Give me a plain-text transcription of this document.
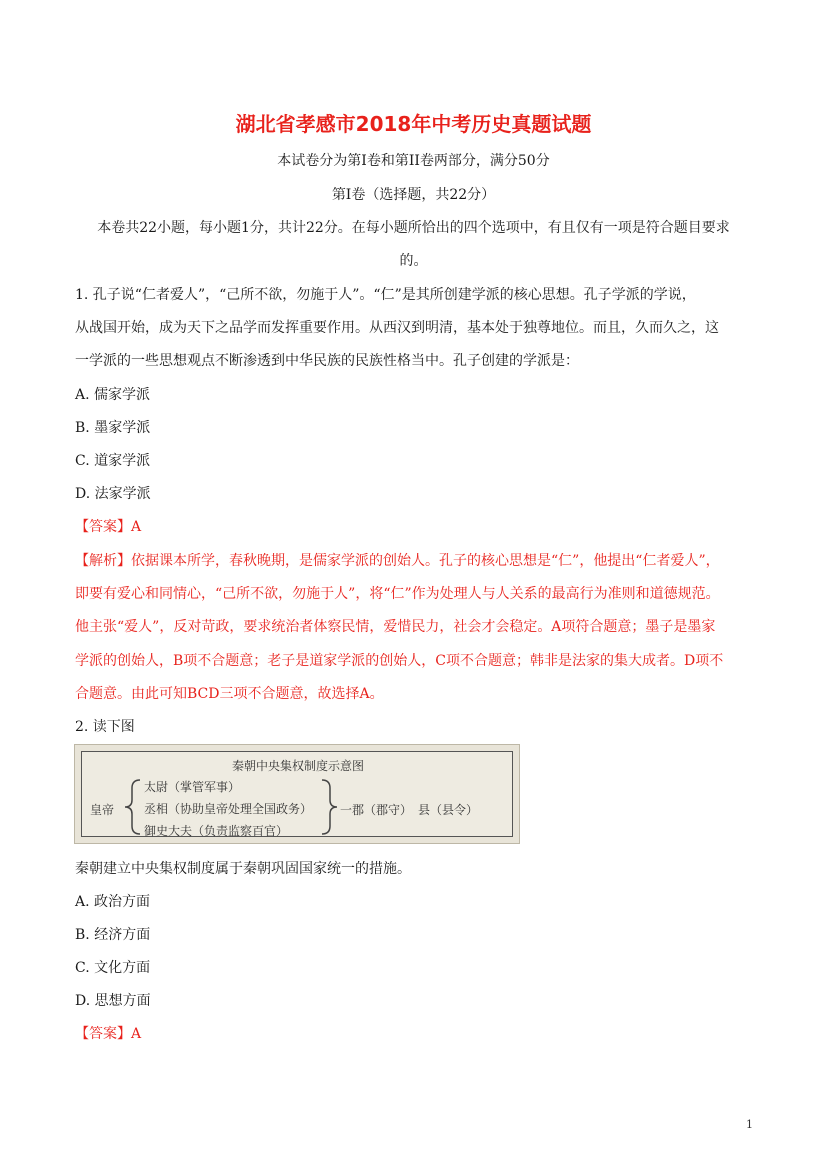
湖北省孝感市2018年中考历史真题试题
本试卷分为第I卷和第II卷两部分，满分50分
第I卷（选择题，共22分）
本卷共22小题，每小题1分，共计22分。在每小题所恰出的四个选项中，有且仅有一项是符合题目要求
的。
1. 孔子说“仁者爱人”，“己所不欲，勿施于人”。“仁”是其所创建学派的核心思想。孔子学派的学说，
从战国开始，成为天下之品学而发挥重要作用。从西汉到明清，基本处于独尊地位。而且，久而久之，这
一学派的一些思想观点不断渗透到中华民族的民族性格当中。孔子创建的学派是：
A. 儒家学派
B. 墨家学派
C. 道家学派
D. 法家学派
【答案】A
【解析】依据课本所学，春秋晚期，是儒家学派的创始人。孔子的核心思想是“仁”，他提出“仁者爱人”，
即要有爱心和同情心，“己所不欲，勿施于人”，将“仁”作为处理人与人关系的最高行为准则和道德规范。
他主张“爱人”，反对苛政，要求统治者体察民情，爱惜民力，社会才会稳定。A项符合题意；墨子是墨家
学派的创始人，B项不合题意；老子是道家学派的创始人，C项不合题意；韩非是法家的集大成者。D项不
合题意。由此可知BCD三项不合题意，故选择A。
2. 读下图
秦朝中央集权制度示意图
皇帝
太尉（掌管军事）
丞相（协助皇帝处理全国政务）
御史大夫（负责监察百官）
一郡（郡守）　县（县令）
秦朝建立中央集权制度属于秦朝巩固国家统一的措施。
A. 政治方面
B. 经济方面
C. 文化方面
D. 思想方面
【答案】A
1
